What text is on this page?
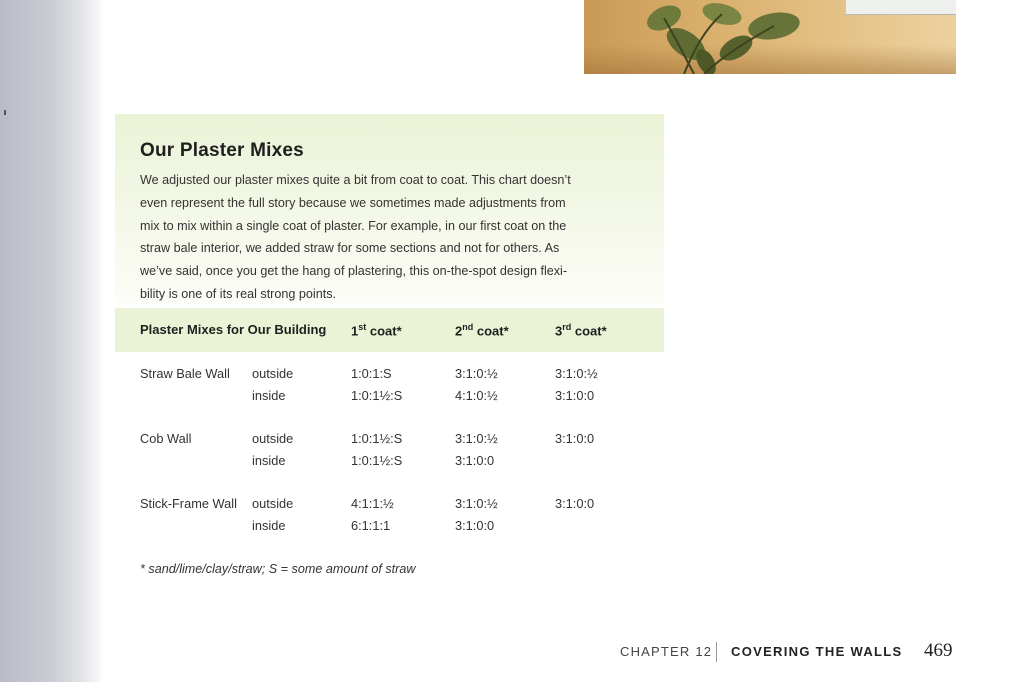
Our Plaster Mixes
We adjusted our plaster mixes quite a bit from coat to coat. This chart doesn’t
even represent the full story because we sometimes made adjustments from
mix to mix within a single coat of plaster. For example, in our first coat on the
straw bale interior, we added straw for some sections and not for others. As
we’ve said, once you get the hang of plastering, this on-the-spot design flexi-
bility is one of its real strong points.
Plaster Mixes for Our Building 1st coat*	2nd coat*	3rd coat*
Straw Bale Wall outside	1:0:1:S	3:1:0:½	3:1:0:½
inside	1:0:1½:S	4:1:0:½	3:1:0:0
Cob Wall	outside	1:0:1½:S	3:1:0:½	3:1:0:0
inside	1:0:1½:S	3:1:0:0
Stick-Frame Wall outside	4:1:1:½	3:1:0:½	3:1:0:0
inside	6:1:1:1	3:1:0:0
* sand/lime/clay/straw; S = some amount of straw
CHAPTER 12 COVERING THE WALLS 469
